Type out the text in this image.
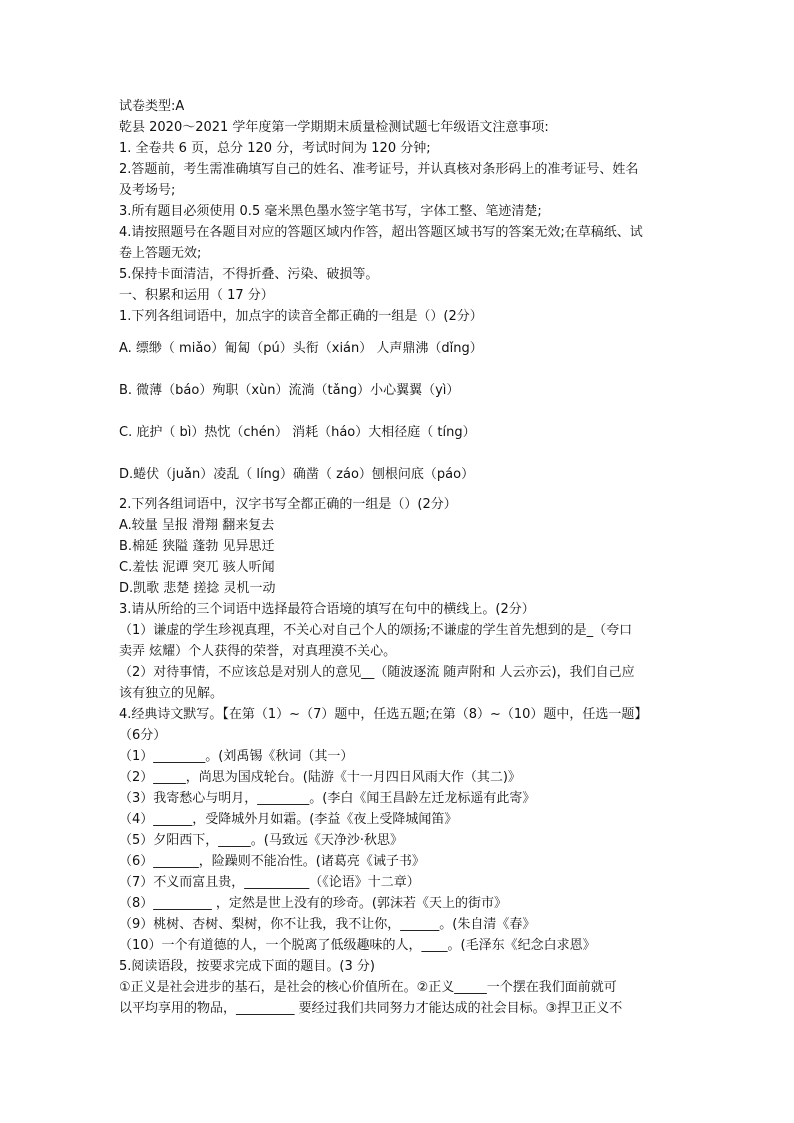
试卷类型:A
乾县 2020～2021 学年度第一学期期末质量检测试题七年级语文注意事项:
1. 全卷共 6 页，总分 120 分，考试时间为 120 分钟;
2.答题前，考生需准确填写自己的姓名、准考证号，并认真核对条形码上的准考证号、姓名
及考场号;
3.所有题目必须使用 0.5 毫米黑色墨水签字笔书写，字体工整、笔迹清楚;
4.请按照题号在各题目对应的答题区域内作答，超出答题区域书写的答案无效;在草稿纸、试
卷上答题无效;
5.保持卡面清洁，不得折叠、污染、破损等。
一、积累和运用（ 17 分）
1.下列各组词语中，加点字的读音全都正确的一组是（）(2分）
A. 缥缈（ miǎo）匍匐（pú）头衔（xián） 人声鼎沸（dǐng）
B. 微薄（báo）殉职（xùn）流淌（tǎng）小心翼翼（yì）
C. 庇护（ bì）热忱（chén） 消耗（háo）大相径庭（ tíng）
D.蜷伏（juǎn）凌乱（ líng）确凿（ záo）刨根问底（páo）
2.下列各组词语中，汉字书写全都正确的一组是（）(2分）
A.较量 呈报 滑翔 翻来复去
B.棉延 狭隘 蓬勃 见异思迁
C.羞怯 泥谭 突兀 骇人听闻
D.凯歌 悲楚 搓捻 灵机一动
3.请从所给的三个词语中选择最符合语境的填写在句中的横线上。(2分）
（1）谦虚的学生珍视真理，不关心对自己个人的颂扬;不谦虚的学生首先想到的是_（夸口
卖弄 炫耀）个人获得的荣誉，对真理漠不关心。
（2）对待事情，不应该总是对别人的意见__（随波逐流 随声附和 人云亦云)，我们自己应
该有独立的见解。
4.经典诗文默写。【在第（1）~（7）题中，任选五题;在第（8）~（10）题中，任选一题】
（6分）
（1）________。(刘禹锡《秋词（其一）
（2）_____，尚思为国戍轮台。(陆游《十一月四日风雨大作（其二)》
（3）我寄愁心与明月，________。(李白《闻王昌龄左迁龙标遥有此寄》
（4）______，受降城外月如霜。(李益《夜上受降城闻笛》
（5）夕阳西下，_____。(马致远《天净沙·秋思》
（6）_______，险躁则不能冶性。(诸葛亮《诫子书》
（7）不义而富且贵，__________（《论语》十二章）
（8）_________ ，定然是世上没有的珍奇。(郭沫若《天上的街市》
（9）桃树、杏树、梨树，你不让我，我不让你，______。(朱自清《春》
（10）一个有道德的人，一个脱离了低级趣味的人，____。(毛泽东《纪念白求恩》
5.阅读语段，按要求完成下面的题目。(3 分)
①正义是社会进步的基石，是社会的核心价值所在。②正义_____一个摆在我们面前就可
以平均享用的物品，_________ 要经过我们共同努力才能达成的社会目标。③捍卫正义不
